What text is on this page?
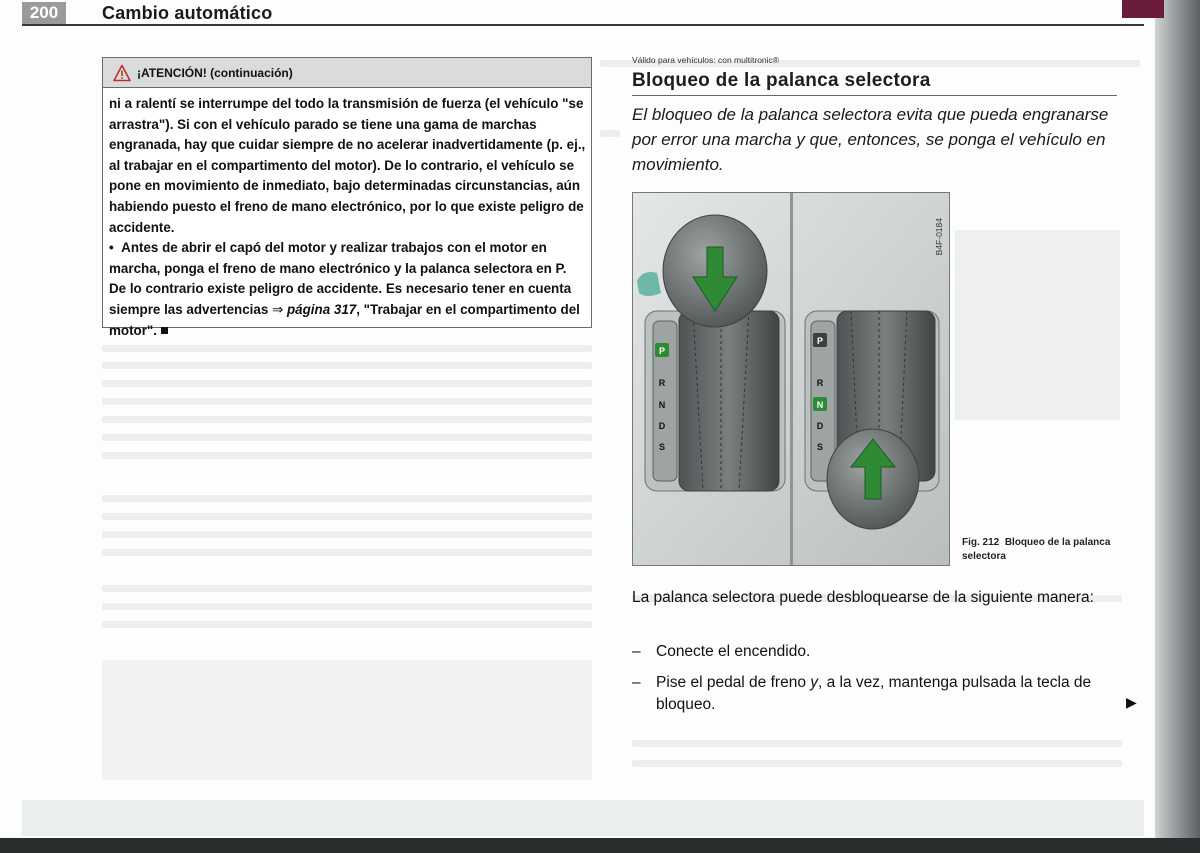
200	Cambio automático
¡ATENCIÓN! (continuación)

ni a ralentí se interrumpe del todo la transmisión de fuerza (el vehículo "se arrastra"). Si con el vehículo parado se tiene una gama de marchas engranada, hay que cuidar siempre de no acelerar inadvertidamente (p. ej., al trabajar en el compartimento del motor). De lo contrario, el vehículo se pone en movimiento de inmediato, bajo determinadas circunstancias, aún habiendo puesto el freno de mano electrónico, por lo que existe peligro de accidente.

• Antes de abrir el capó del motor y realizar trabajos con el motor en marcha, ponga el freno de mano electrónico y la palanca selectora en P. De lo contrario existe peligro de accidente. Es necesario tener en cuenta siempre las advertencias ⇒ página 317, "Trabajar en el compartimento del motor".

Válido para vehículos: con multitronic®
Bloqueo de la palanca selectora
El bloqueo de la palanca selectora evita que pueda engranarse por error una marcha y que, entonces, se ponga el vehículo en movimiento.
P
R
N
D
S
P
R
N
D
S
B4F-0184
Fig. 212 Bloqueo de la palanca selectora
La palanca selectora puede desbloquearse de la siguiente manera:
– Conecte el encendido.
– Pise el pedal de freno y, a la vez, mantenga pulsada la tecla de bloqueo.	▶
